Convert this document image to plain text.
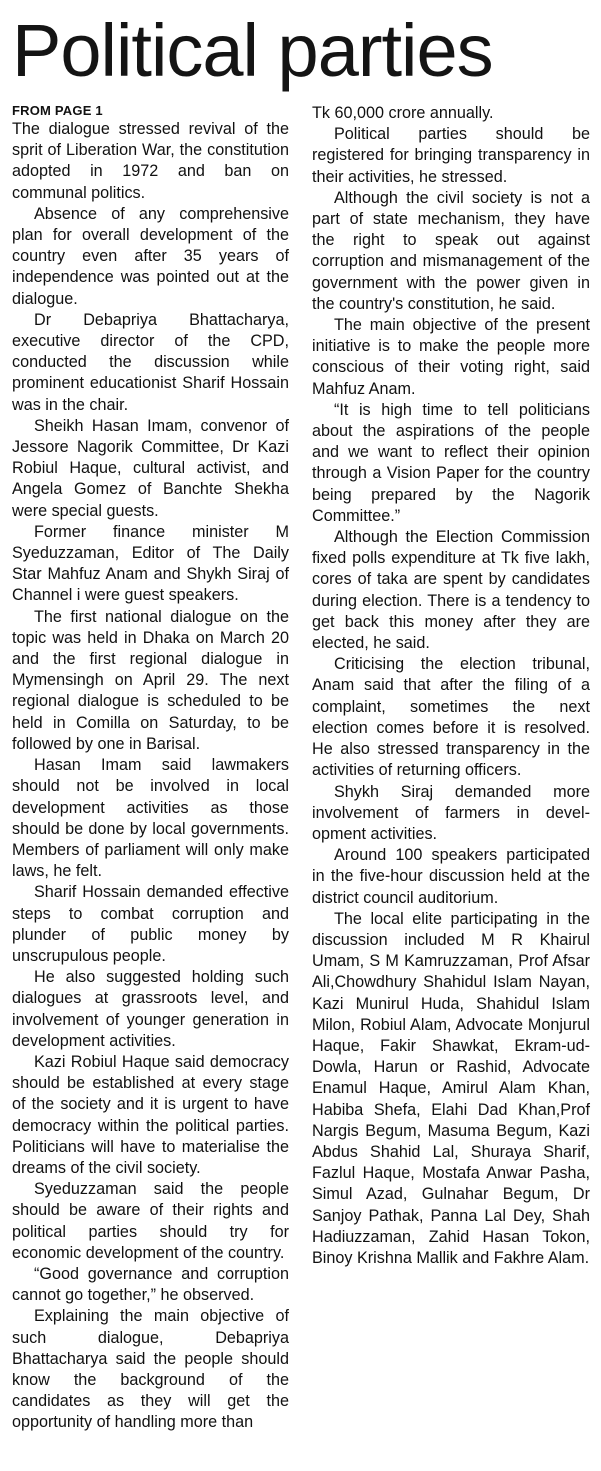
Political parties
FROM PAGE 1

The dialogue stressed revival of the sprit of Liberation War, the constitution adopted in 1972 and ban on communal politics.

Absence of any comprehensive plan for overall development of the country even after 35 years of independence was pointed out at the dialogue.

Dr Debapriya Bhattacharya, executive director of the CPD, conducted the discussion while prominent educationist Sharif Hossain was in the chair.

Sheikh Hasan Imam, convenor of Jessore Nagorik Committee, Dr Kazi Robiul Haque, cultural activist, and Angela Gomez of Banchte Shekha were special guests.

Former finance minister M Syeduzzaman, Editor of The Daily Star Mahfuz Anam and Shykh Siraj of Channel i were guest speakers.

The first national dialogue on the topic was held in Dhaka on March 20 and the first regional dialogue in Mymensingh on April 29. The next regional dialogue is scheduled to be held in Comilla on Saturday, to be followed by one in Barisal.

Hasan Imam said lawmakers should not be involved in local development activities as those should be done by local governments. Members of parliament will only make laws, he felt.

Sharif Hossain demanded effective steps to combat corruption and plunder of public money by unscrupulous people.

He also suggested holding such dialogues at grassroots level, and involvement of younger generation in development activities.

Kazi Robiul Haque said democracy should be established at every stage of the society and it is urgent to have democracy within the political parties. Politicians will have to materialise the dreams of the civil society.

Syeduzzaman said the people should be aware of their rights and political parties should try for economic development of the country.

“Good governance and corruption cannot go together,” he observed.

Explaining the main objective of such dialogue, Debapriya Bhattacharya said the people should know the background of the candidates as they will get the opportunity of handling more than

Tk 60,000 crore annually.

Political parties should be registered for bringing transparency in their activities, he stressed.

Although the civil society is not a part of state mechanism, they have the right to speak out against corruption and mismanagement of the government with the power given in the country's constitution, he said.

The main objective of the present initiative is to make the people more conscious of their voting right, said Mahfuz Anam.

“It is high time to tell politicians about the aspirations of the people and we want to reflect their opinion through a Vision Paper for the country being prepared by the Nagorik Committee.”

Although the Election Commission fixed polls expenditure at Tk five lakh, cores of taka are spent by candidates during election. There is a tendency to get back this money after they are elected, he said.

Criticising the election tribunal, Anam said that after the filing of a complaint, sometimes the next election comes before it is resolved. He also stressed transparency in the activities of returning officers.

Shykh Siraj demanded more involvement of farmers in development activities.

Around 100 speakers participated in the five-hour discussion held at the district council auditorium.

The local elite participating in the discussion included M R Khairul Umam, S M Kamruzzaman, Prof Afsar Ali,Chowdhury Shahidul Islam Nayan, Kazi Munirul Huda, Shahidul Islam Milon, Robiul Alam, Advocate Monjurul Haque, Fakir Shawkat, Ekram-ud-Dowla, Harun or Rashid, Advocate Enamul Haque, Amirul Alam Khan, Habiba Shefa, Elahi Dad Khan,Prof Nargis Begum, Masuma Begum, Kazi Abdus Shahid Lal, Shuraya Sharif, Fazlul Haque, Mostafa Anwar Pasha, Simul Azad, Gulnahar Begum, Dr Sanjoy Pathak, Panna Lal Dey, Shah Hadiuzzaman, Zahid Hasan Tokon, Binoy Krishna Mallik and Fakhre Alam.
